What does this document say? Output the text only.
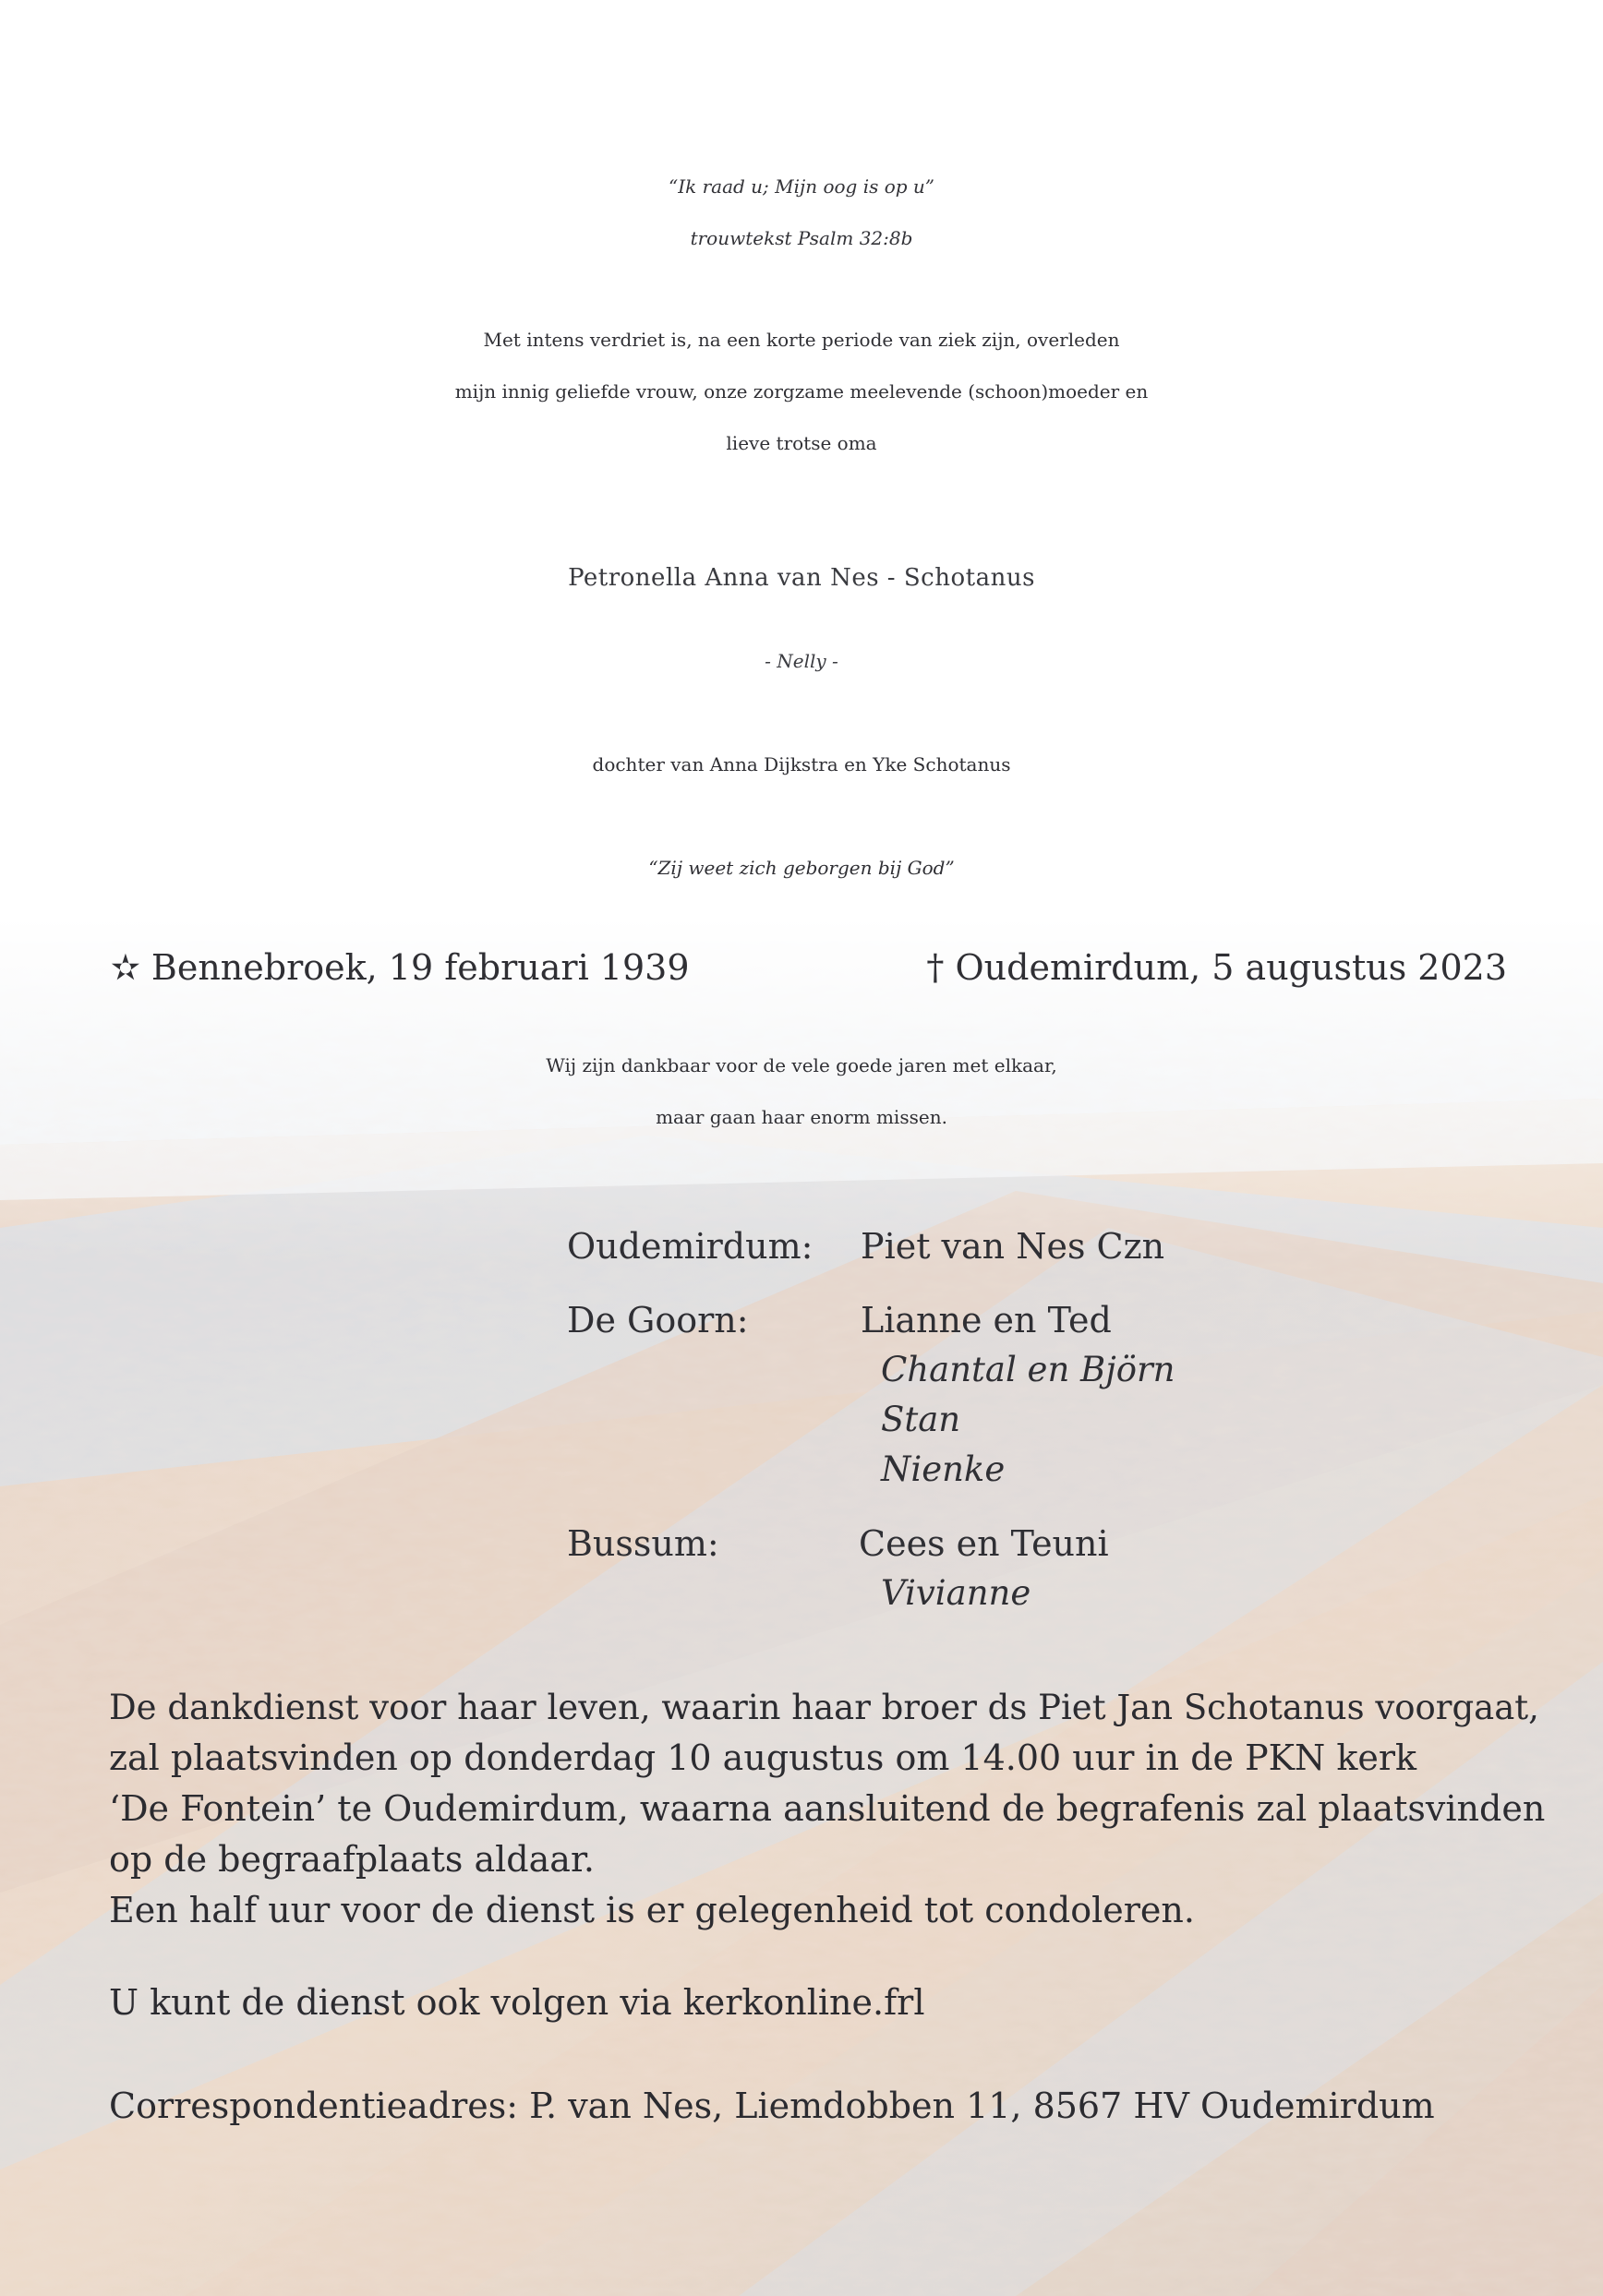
“Ik raad u; Mijn oog is op u”
trouwtekst Psalm 32:8b
Met intens verdriet is, na een korte periode van ziek zijn, overleden
mijn innig geliefde vrouw, onze zorgzame meelevende (schoon)moeder en
lieve trotse oma
Petronella Anna van Nes - Schotanus
- Nelly -
dochter van Anna Dijkstra en Yke Schotanus
“Zij weet zich geborgen bij God”
✫ Bennebroek, 19 februari 1939	† Oudemirdum, 5 augustus 2023
Wij zijn dankbaar voor de vele goede jaren met elkaar,
maar gaan haar enorm missen.
Oudemirdum: Piet van Nes Czn
De Goorn:	Lianne en Ted
Chantal en Björn
Stan
Nienke
Bussum:	Cees en Teuni
Vivianne
De dankdienst voor haar leven, waarin haar broer ds Piet Jan Schotanus voorgaat,
zal plaatsvinden op donderdag 10 augustus om 14.00 uur in de PKN kerk
‘De Fontein’ te Oudemirdum, waarna aansluitend de begrafenis zal plaatsvinden
op de begraafplaats aldaar.
Een half uur voor de dienst is er gelegenheid tot condoleren.
U kunt de dienst ook volgen via kerkonline.frl
Correspondentieadres: P. van Nes, Liemdobben 11, 8567 HV Oudemirdum
